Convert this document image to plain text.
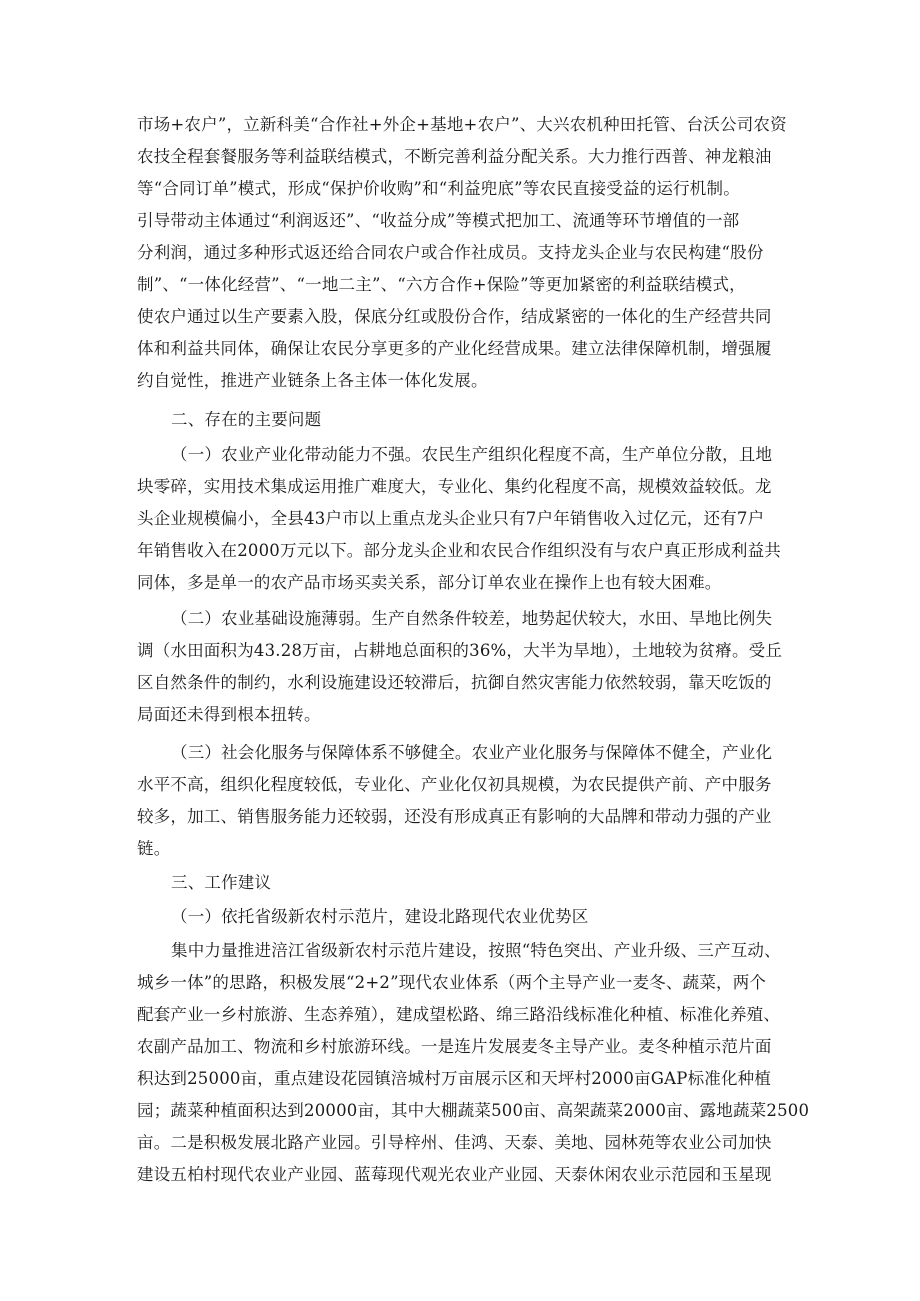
市场+农户”，立新科美“合作社+外企+基地+农户”、大兴农机种田托管、台沃公司农资
农技全程套餐服务等利益联结模式，不断完善利益分配关系。大力推行西普、神龙粮油
等“合同订单”模式，形成“保护价收购”和“利益兜底”等农民直接受益的运行机制。
引导带动主体通过“利润返还”、“收益分成”等模式把加工、流通等环节增值的一部
分利润，通过多种形式返还给合同农户或合作社成员。支持龙头企业与农民构建“股份
制”、“一体化经营”、“一地二主”、“六方合作+保险”等更加紧密的利益联结模式，
使农户通过以生产要素入股，保底分红或股份合作，结成紧密的一体化的生产经营共同
体和利益共同体，确保让农民分享更多的产业化经营成果。建立法律保障机制，增强履
约自觉性，推进产业链条上各主体一体化发展。
二、存在的主要问题
（一）农业产业化带动能力不强。农民生产组织化程度不高，生产单位分散，且地
块零碎，实用技术集成运用推广难度大，专业化、集约化程度不高，规模效益较低。龙
头企业规模偏小，全县43户市以上重点龙头企业只有7户年销售收入过亿元，还有7户
年销售收入在2000万元以下。部分龙头企业和农民合作组织没有与农户真正形成利益共
同体，多是单一的农产品市场买卖关系，部分订单农业在操作上也有较大困难。
（二）农业基础设施薄弱。生产自然条件较差，地势起伏较大，水田、旱地比例失
调（水田面积为43.28万亩，占耕地总面积的36%，大半为旱地），土地较为贫瘠。受丘
区自然条件的制约，水利设施建设还较滞后，抗御自然灾害能力依然较弱，靠天吃饭的
局面还未得到根本扭转。
（三）社会化服务与保障体系不够健全。农业产业化服务与保障体不健全，产业化
水平不高，组织化程度较低，专业化、产业化仅初具规模，为农民提供产前、产中服务
较多，加工、销售服务能力还较弱，还没有形成真正有影响的大品牌和带动力强的产业
链。
三、工作建议
（一）依托省级新农村示范片，建设北路现代农业优势区
集中力量推进涪江省级新农村示范片建设，按照“特色突出、产业升级、三产互动、
城乡一体”的思路，积极发展“2+2”现代农业体系（两个主导产业一麦冬、蔬菜，两个
配套产业一乡村旅游、生态养殖），建成望松路、绵三路沿线标准化种植、标准化养殖、
农副产品加工、物流和乡村旅游环线。一是连片发展麦冬主导产业。麦冬种植示范片面
积达到25000亩，重点建设花园镇涪城村万亩展示区和天坪村2000亩GAP标准化种植
园；蔬菜种植面积达到20000亩，其中大棚蔬菜500亩、高架蔬菜2000亩、露地蔬菜2500
亩。二是积极发展北路产业园。引导梓州、佳鸿、天泰、美地、园林苑等农业公司加快
建设五柏村现代农业产业园、蓝莓现代观光农业产业园、天泰休闲农业示范园和玉星现
